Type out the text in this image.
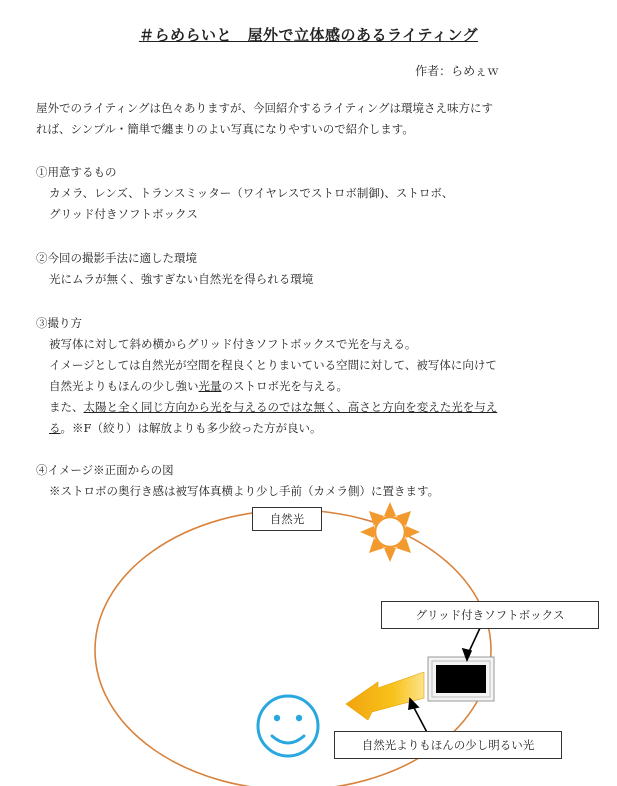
＃らめらいと　屋外で立体感のあるライティング
作者：らめぇｗ
屋外でのライティングは色々ありますが、今回紹介するライティングは環境さえ味方にす
れば、シンプル・簡単で纏まりのよい写真になりやすいので紹介します。
①用意するもの
カメラ、レンズ、トランスミッター（ワイヤレスでストロボ制御)、ストロボ、
グリッド付きソフトボックス
②今回の撮影手法に適した環境
光にムラが無く、強すぎない自然光を得られる環境
③撮り方
被写体に対して斜め横からグリッド付きソフトボックスで光を与える。
イメージとしては自然光が空間を程良くとりまいている空間に対して、被写体に向けて
自然光よりもほんの少し強い光量のストロボ光を与える。
また、太陽と全く同じ方向から光を与えるのではな無く、高さと方向を変えた光を与え
る。※F（絞り）は解放よりも多少絞った方が良い。
④イメージ※正面からの図
※ストロボの奥行き感は被写体真横より少し手前（カメラ側）に置きます。
自然光
グリッド付きソフトボックス
自然光よりもほんの少し明るい光
